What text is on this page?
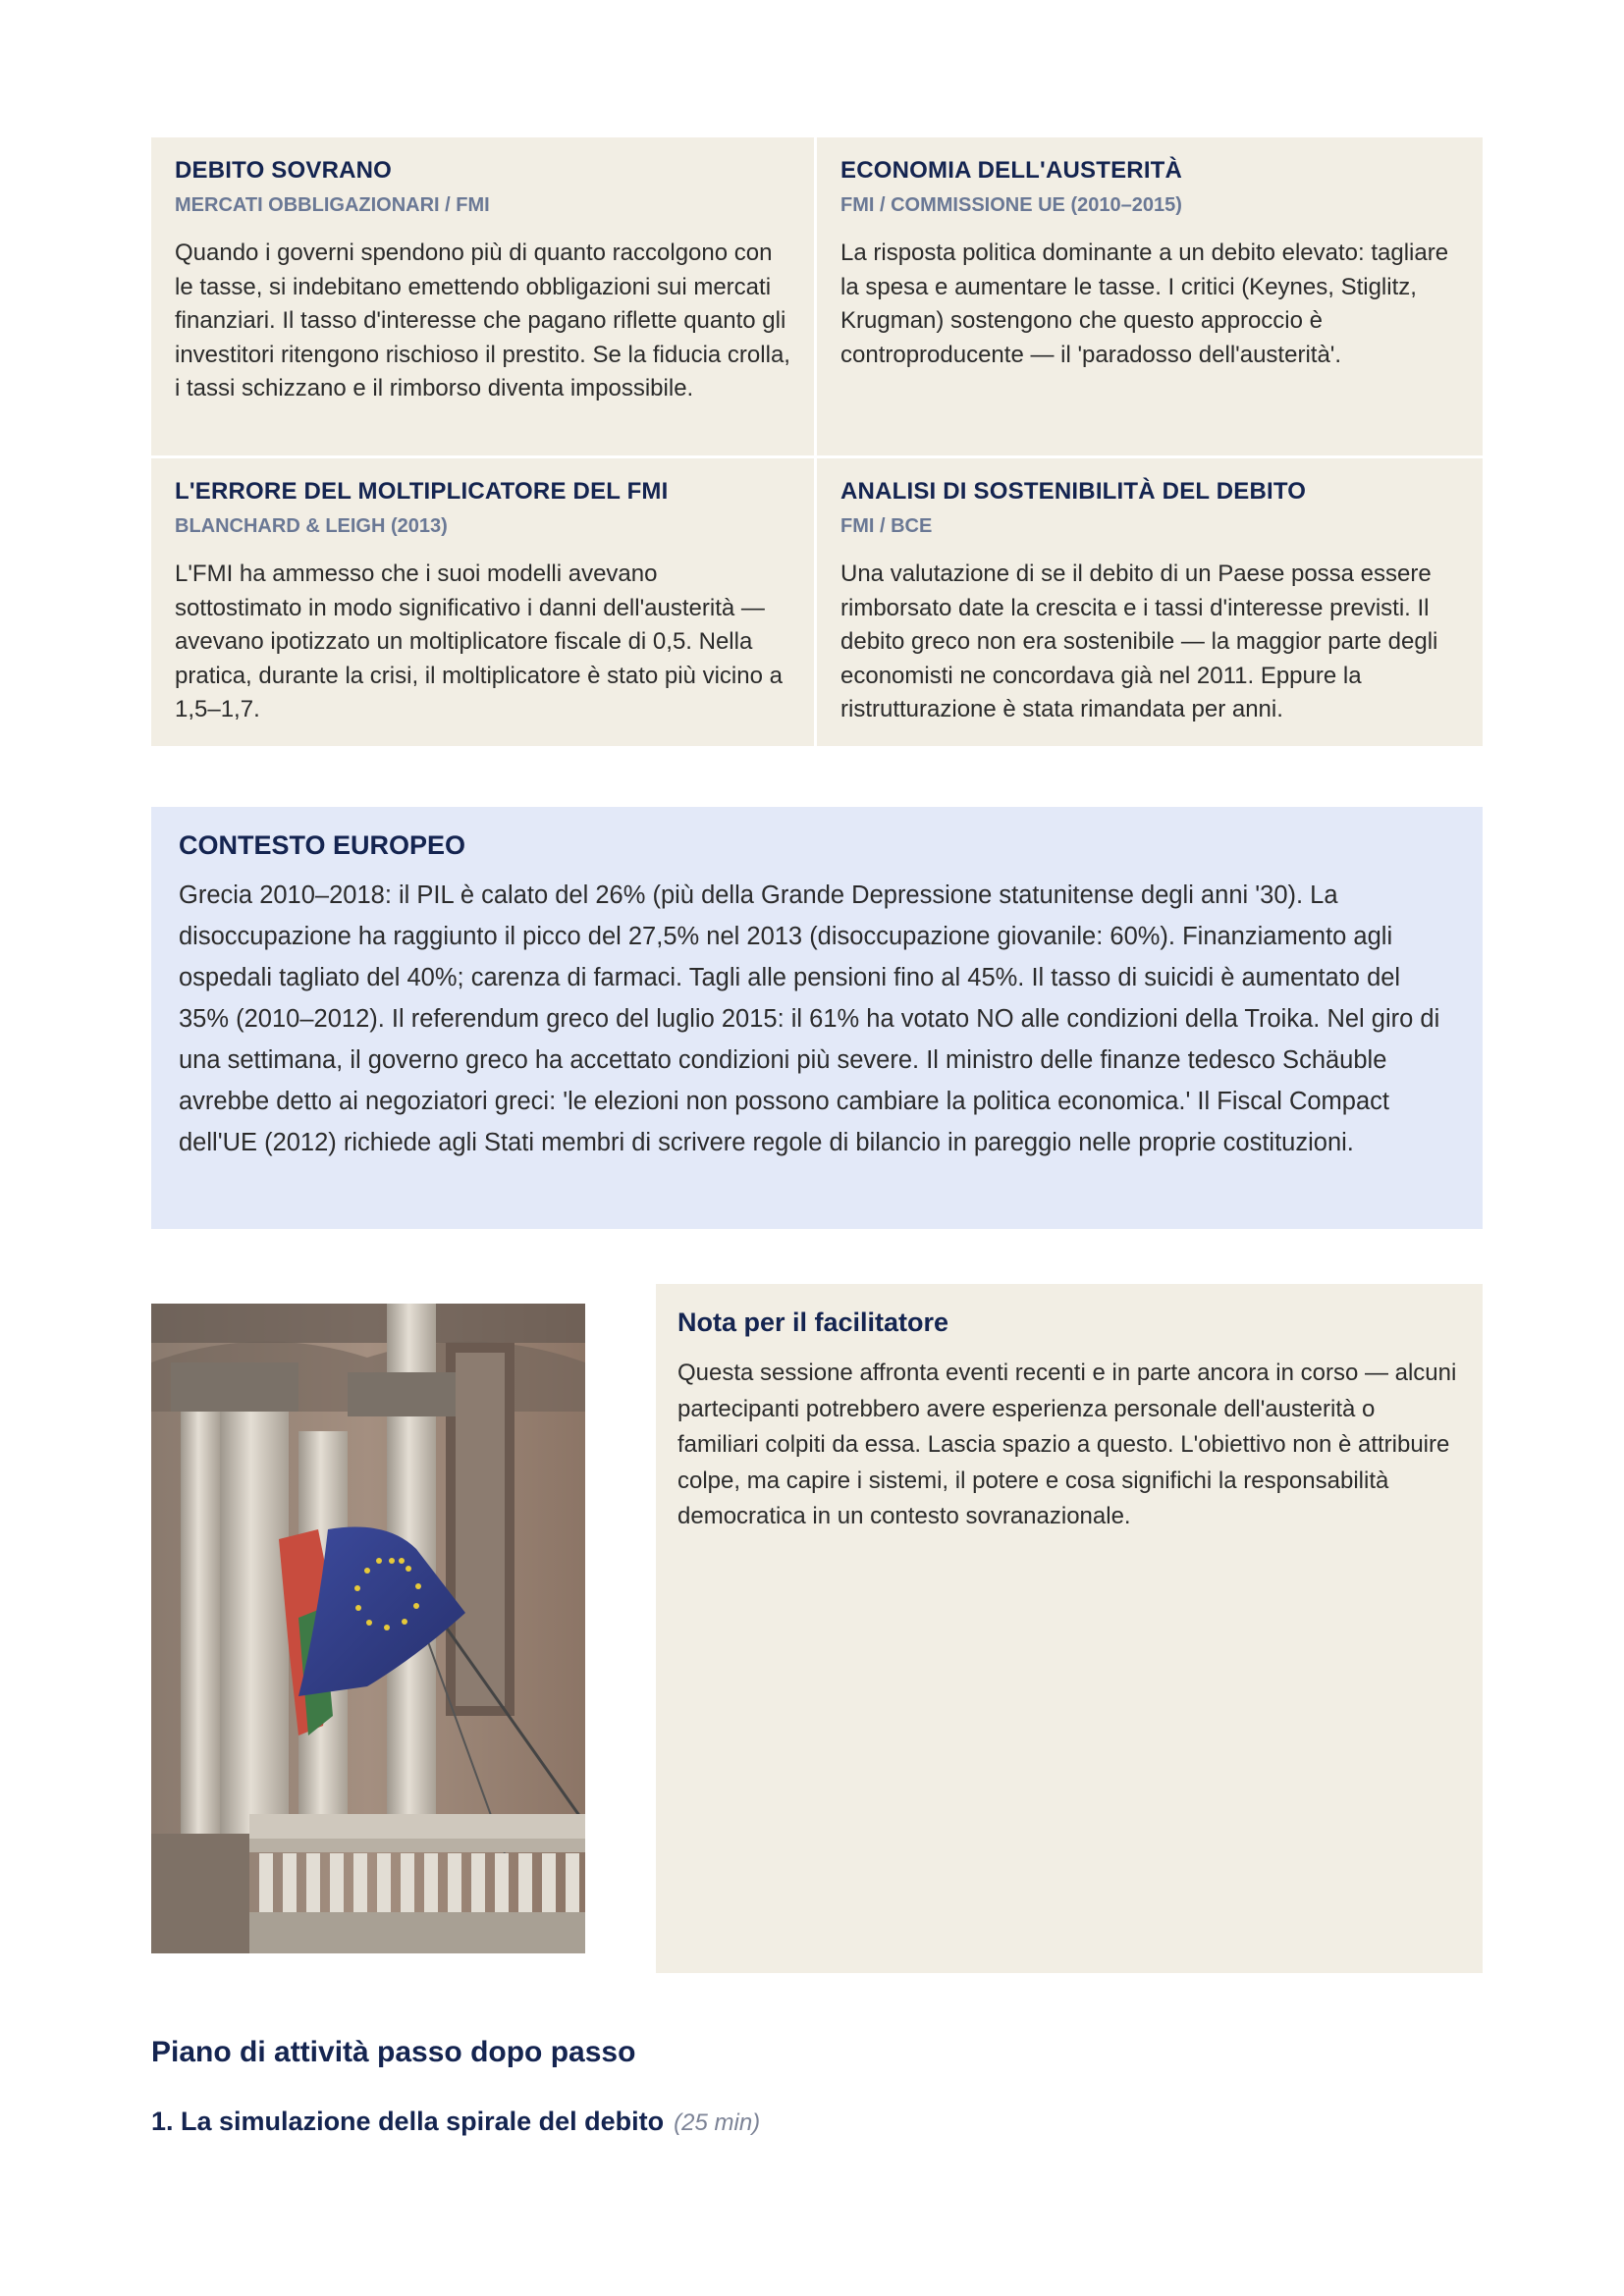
DEBITO SOVRANO
MERCATI OBBLIGAZIONARI / FMI

Quando i governi spendono più di quanto raccolgono con le tasse, si indebitano emettendo obbligazioni sui mercati finanziari. Il tasso d'interesse che pagano riflette quanto gli investitori ritengono rischioso il prestito. Se la fiducia crolla, i tassi schizzano e il rimborso diventa impossibile.

ECONOMIA DELL'AUSTERITÀ
FMI / COMMISSIONE UE (2010–2015)

La risposta politica dominante a un debito elevato: tagliare la spesa e aumentare le tasse. I critici (Keynes, Stiglitz, Krugman) sostengono che questo approccio è controproducente — il 'paradosso dell'austerità'.

L'ERRORE DEL MOLTIPLICATORE DEL FMI
BLANCHARD & LEIGH (2013)

L'FMI ha ammesso che i suoi modelli avevano sottostimato in modo significativo i danni dell'austerità — avevano ipotizzato un moltiplicatore fiscale di 0,5. Nella pratica, durante la crisi, il moltiplicatore è stato più vicino a 1,5–1,7.

ANALISI DI SOSTENIBILITÀ DEL DEBITO
FMI / BCE

Una valutazione di se il debito di un Paese possa essere rimborsato date la crescita e i tassi d'interesse previsti. Il debito greco non era sostenibile — la maggior parte degli economisti ne concordava già nel 2011. Eppure la ristrutturazione è stata rimandata per anni.

CONTESTO EUROPEO

Grecia 2010–2018: il PIL è calato del 26% (più della Grande Depressione statunitense degli anni '30). La disoccupazione ha raggiunto il picco del 27,5% nel 2013 (disoccupazione giovanile: 60%). Finanziamento agli ospedali tagliato del 40%; carenza di farmaci. Tagli alle pensioni fino al 45%. Il tasso di suicidi è aumentato del 35% (2010–2012). Il referendum greco del luglio 2015: il 61% ha votato NO alle condizioni della Troika. Nel giro di una settimana, il governo greco ha accettato condizioni più severe. Il ministro delle finanze tedesco Schäuble avrebbe detto ai negoziatori greci: 'le elezioni non possono cambiare la politica economica.' Il Fiscal Compact dell'UE (2012) richiede agli Stati membri di scrivere regole di bilancio in pareggio nelle proprie costituzioni.

Nota per il facilitatore

Questa sessione affronta eventi recenti e in parte ancora in corso — alcuni partecipanti potrebbero avere esperienza personale dell'austerità o familiari colpiti da essa. Lascia spazio a questo. L'obiettivo non è attribuire colpe, ma capire i sistemi, il potere e cosa significhi la responsabilità democratica in un contesto sovranazionale.

Piano di attività passo dopo passo
1. La simulazione della spirale del debito (25 min)
